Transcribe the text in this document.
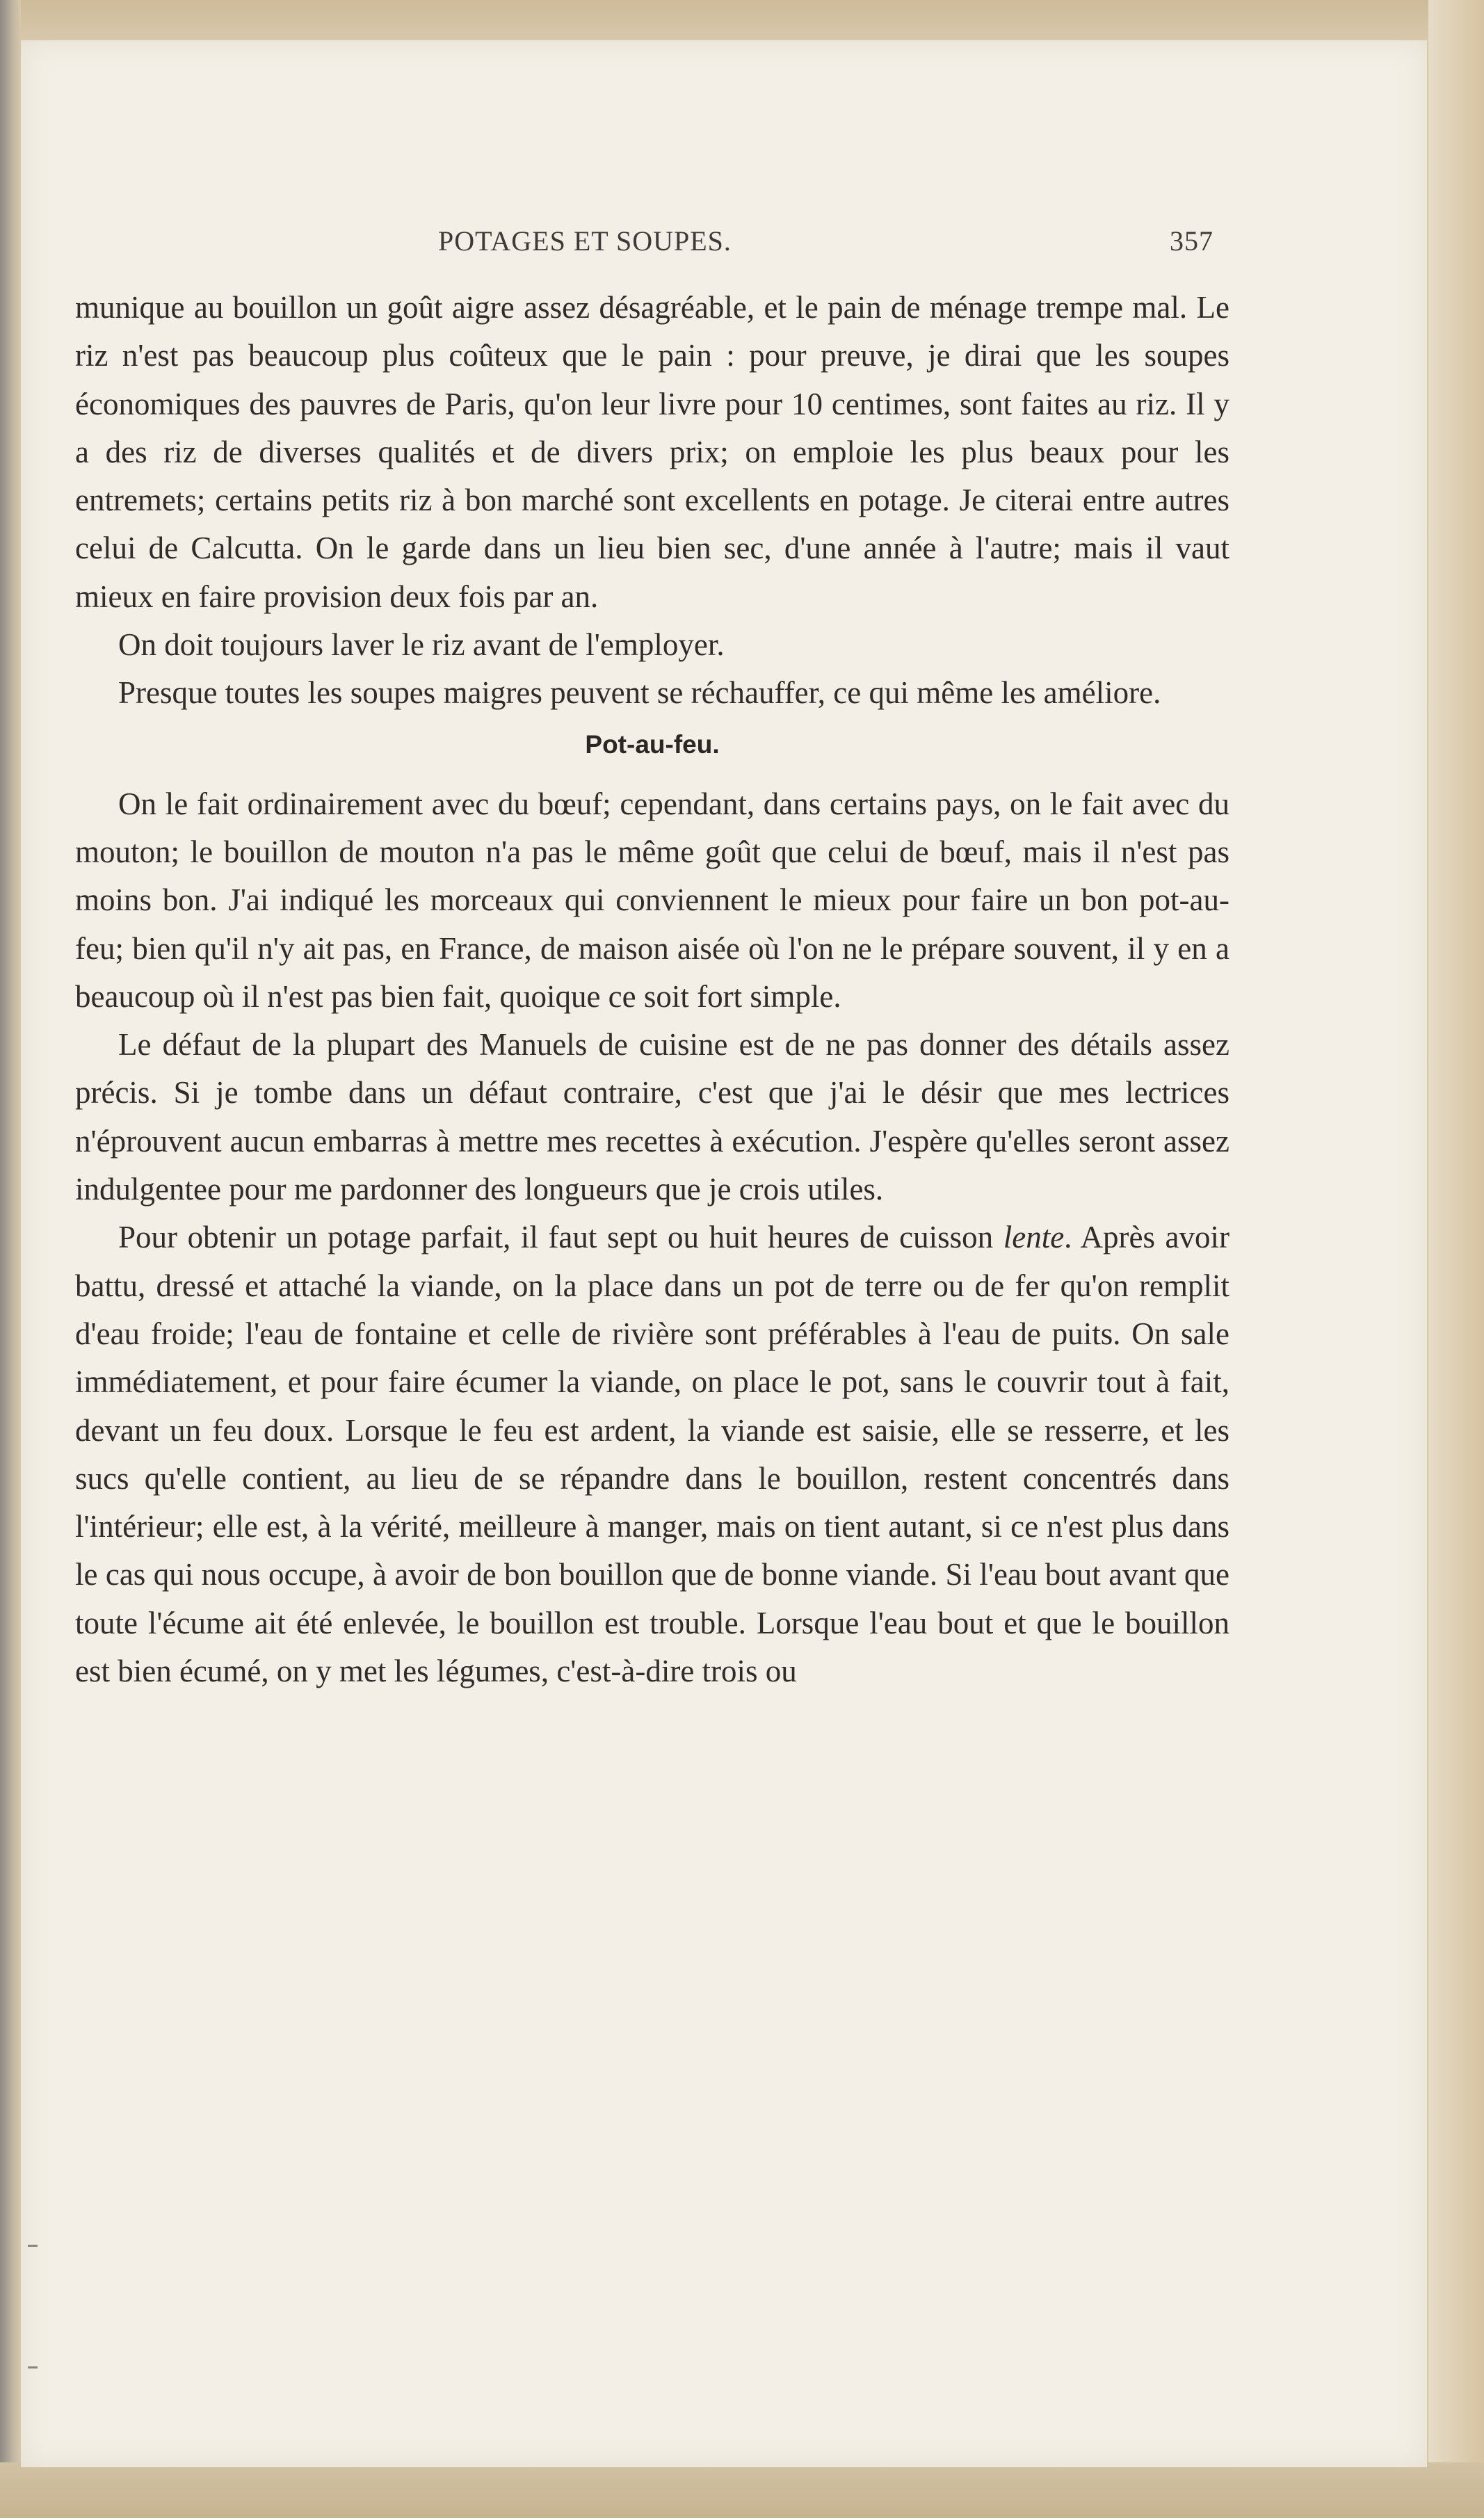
POTAGES ET SOUPES.	357

munique au bouillon un goût aigre assez désagréable, et le pain de ménage trempe mal. Le riz n'est pas beaucoup plus coûteux que le pain : pour preuve, je dirai que les soupes économiques des pauvres de Paris, qu'on leur livre pour 10 centimes, sont faites au riz. Il y a des riz de diverses qualités et de divers prix; on emploie les plus beaux pour les entremets; certains petits riz à bon marché sont excellents en potage. Je citerai entre autres celui de Calcutta. On le garde dans un lieu bien sec, d'une année à l'autre; mais il vaut mieux en faire provision deux fois par an.

On doit toujours laver le riz avant de l'employer.

Presque toutes les soupes maigres peuvent se réchauffer, ce qui même les améliore.

Pot-au-feu.

On le fait ordinairement avec du bœuf; cependant, dans certains pays, on le fait avec du mouton; le bouillon de mouton n'a pas le même goût que celui de bœuf, mais il n'est pas moins bon. J'ai indiqué les morceaux qui conviennent le mieux pour faire un bon pot-au-feu; bien qu'il n'y ait pas, en France, de maison aisée où l'on ne le prépare souvent, il y en a beaucoup où il n'est pas bien fait, quoique ce soit fort simple.

Le défaut de la plupart des Manuels de cuisine est de ne pas donner des détails assez précis. Si je tombe dans un défaut contraire, c'est que j'ai le désir que mes lectrices n'éprouvent aucun embarras à mettre mes recettes à exécution. J'espère qu'elles seront assez indulgentee pour me pardonner des longueurs que je crois utiles.

Pour obtenir un potage parfait, il faut sept ou huit heures de cuisson lente. Après avoir battu, dressé et attaché la viande, on la place dans un pot de terre ou de fer qu'on remplit d'eau froide; l'eau de fontaine et celle de rivière sont préférables à l'eau de puits. On sale immédiatement, et pour faire écumer la viande, on place le pot, sans le couvrir tout à fait, devant un feu doux. Lorsque le feu est ardent, la viande est saisie, elle se resserre, et les sucs qu'elle contient, au lieu de se répandre dans le bouillon, restent concentrés dans l'intérieur; elle est, à la vérité, meilleure à manger, mais on tient autant, si ce n'est plus dans le cas qui nous occupe, à avoir de bon bouillon que de bonne viande. Si l'eau bout avant que toute l'écume ait été enlevée, le bouillon est trouble. Lorsque l'eau bout et que le bouillon est bien écumé, on y met les légumes, c'est-à-dire trois ou
